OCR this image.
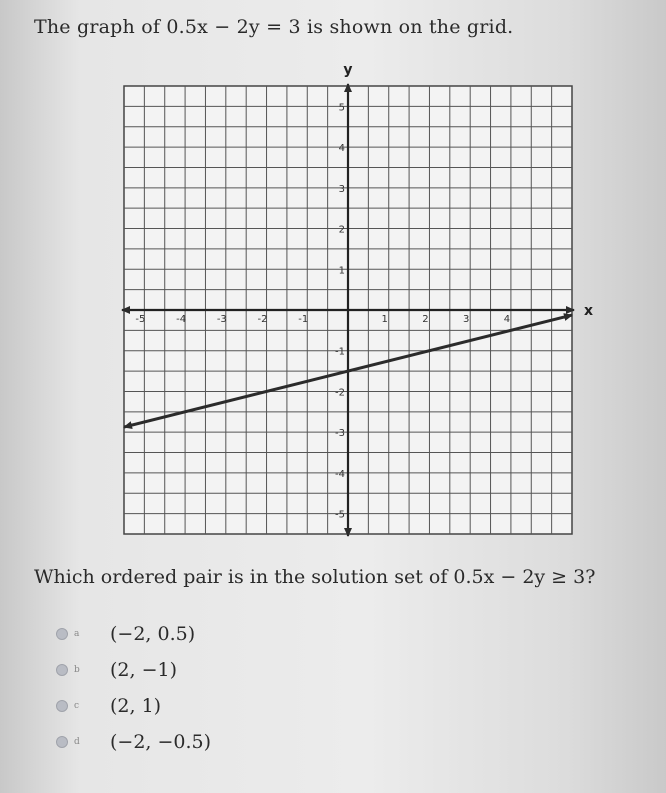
The graph of 0.5x − 2y = 3 is shown on the grid.
-5	-4	-3	-2	-1	1	2	3	4
-5
-4
-3
-2
-1
1
2
3
4
5
x
y
Which ordered pair is in the solution set of 0.5x − 2y ≥ 3?
a	(−2, 0.5)
b	(2, −1)
c	(2, 1)
d	(−2, −0.5)
